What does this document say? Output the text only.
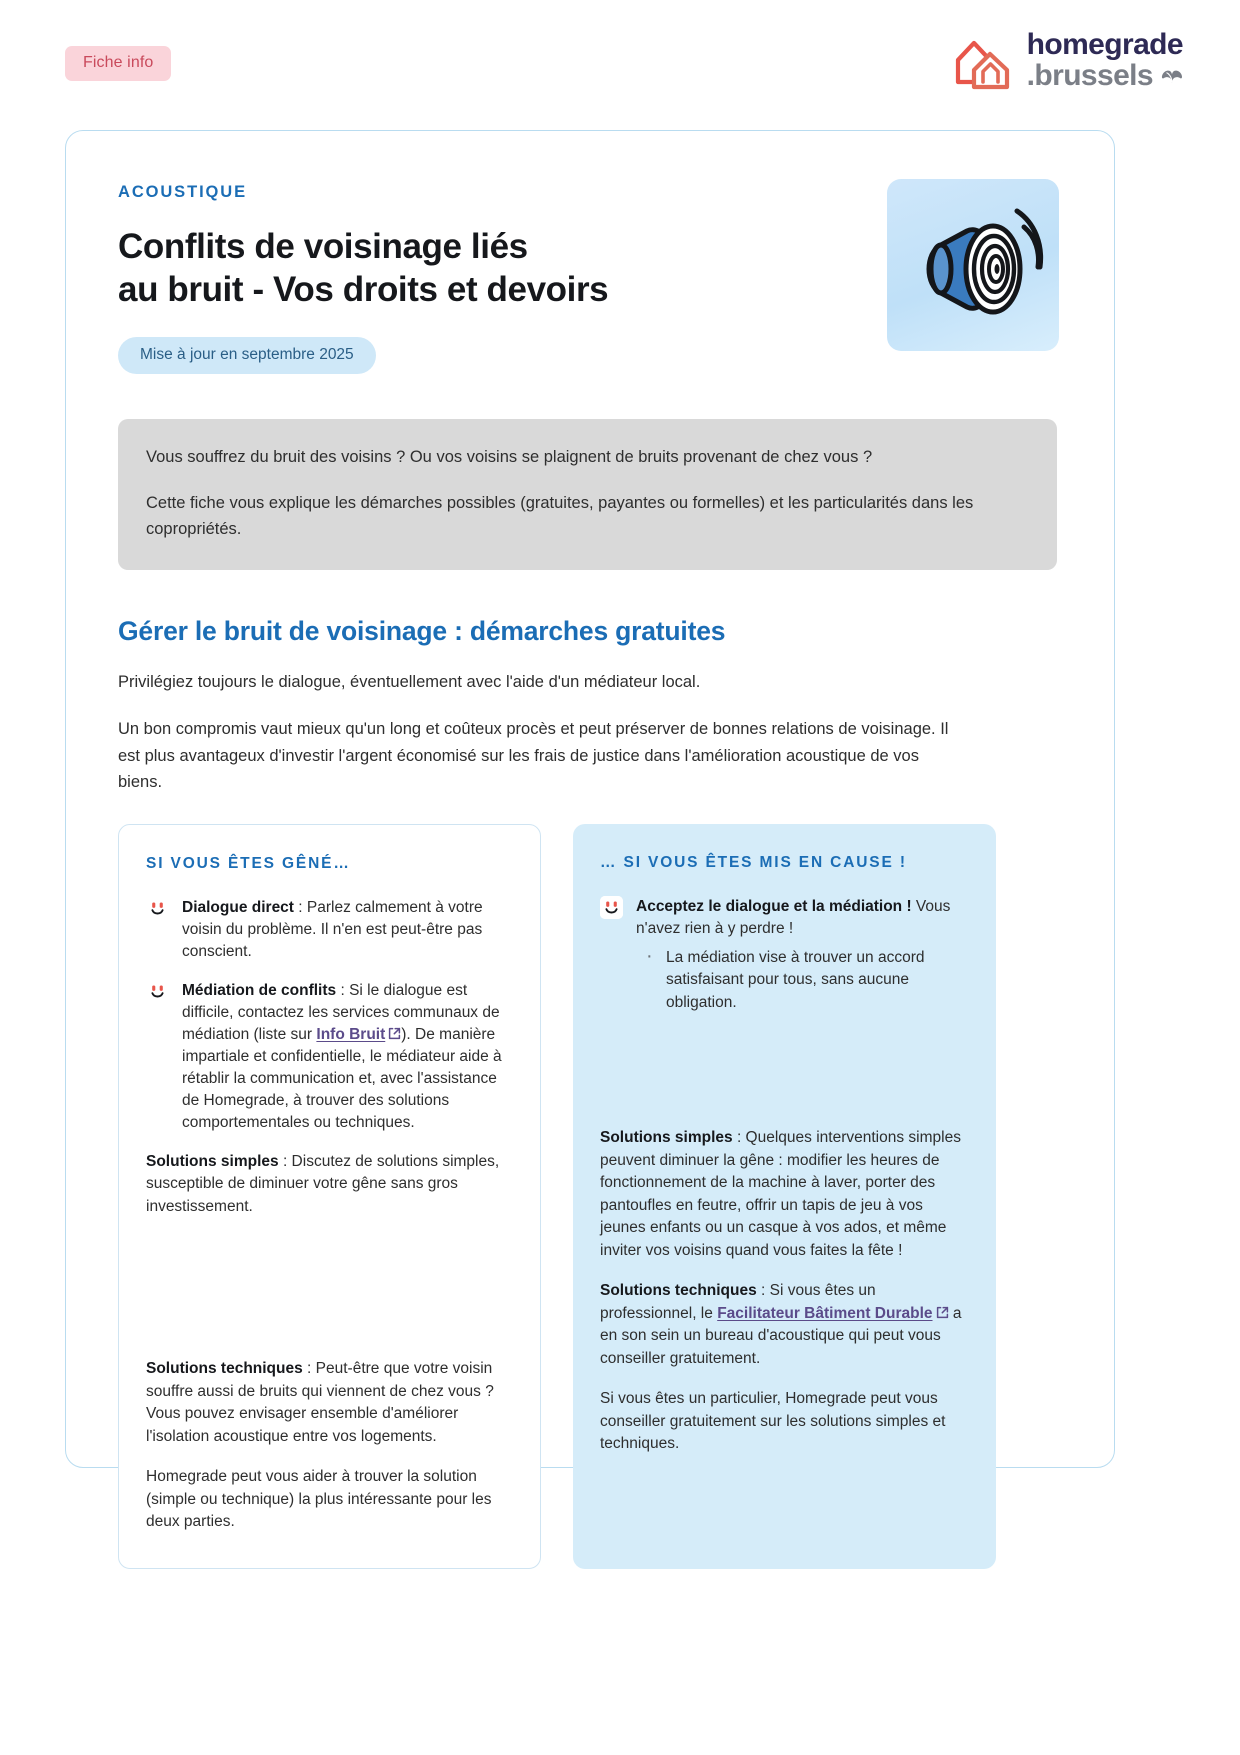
Fiche info
homegrade
.brussels
ACOUSTIQUE
Conflits de voisinage liés
au bruit - Vos droits et devoirs
Mise à jour en septembre 2025

Vous souffrez du bruit des voisins ? Ou vos voisins se plaignent de bruits provenant de chez vous ?

Cette fiche vous explique les démarches possibles (gratuites, payantes ou formelles) et les particularités dans les copropriétés.

Gérer le bruit de voisinage : démarches gratuites

Privilégiez toujours le dialogue, éventuellement avec l'aide d'un médiateur local.

Un bon compromis vaut mieux qu'un long et coûteux procès et peut préserver de bonnes relations de voisinage. Il est plus avantageux d'investir l'argent économisé sur les frais de justice dans l'amélioration acoustique de vos biens.

SI VOUS ÊTES GÊNÉ…
Dialogue direct : Parlez calmement à votre voisin du problème. Il n'en est peut-être pas conscient.
Médiation de conflits : Si le dialogue est difficile, contactez les services communaux de médiation (liste sur Info Bruit ). De manière impartiale et confidentielle, le médiateur aide à rétablir la communication et, avec l'assistance de Homegrade, à trouver des solutions comportementales ou techniques.

Solutions simples : Discutez de solutions simples, susceptible de diminuer votre gêne sans gros investissement.

Solutions techniques : Peut-être que votre voisin souffre aussi de bruits qui viennent de chez vous ? Vous pouvez envisager ensemble d'améliorer l'isolation acoustique entre vos logements.

Homegrade peut vous aider à trouver la solution (simple ou technique) la plus intéressante pour les deux parties.

… SI VOUS ÊTES MIS EN CAUSE !
Acceptez le dialogue et la médiation ! Vous n'avez rien à y perdre !
· La médiation vise à trouver un accord satisfaisant pour tous, sans aucune obligation.

Solutions simples : Quelques interventions simples peuvent diminuer la gêne : modifier les heures de fonctionnement de la machine à laver, porter des pantoufles en feutre, offrir un tapis de jeu à vos jeunes enfants ou un casque à vos ados, et même inviter vos voisins quand vous faites la fête !

Solutions techniques : Si vous êtes un professionnel, le Facilitateur Bâtiment Durable
a en son sein un bureau d'acoustique qui peut vous conseiller gratuitement.

Si vous êtes un particulier, Homegrade peut vous conseiller gratuitement sur les solutions simples et techniques.
